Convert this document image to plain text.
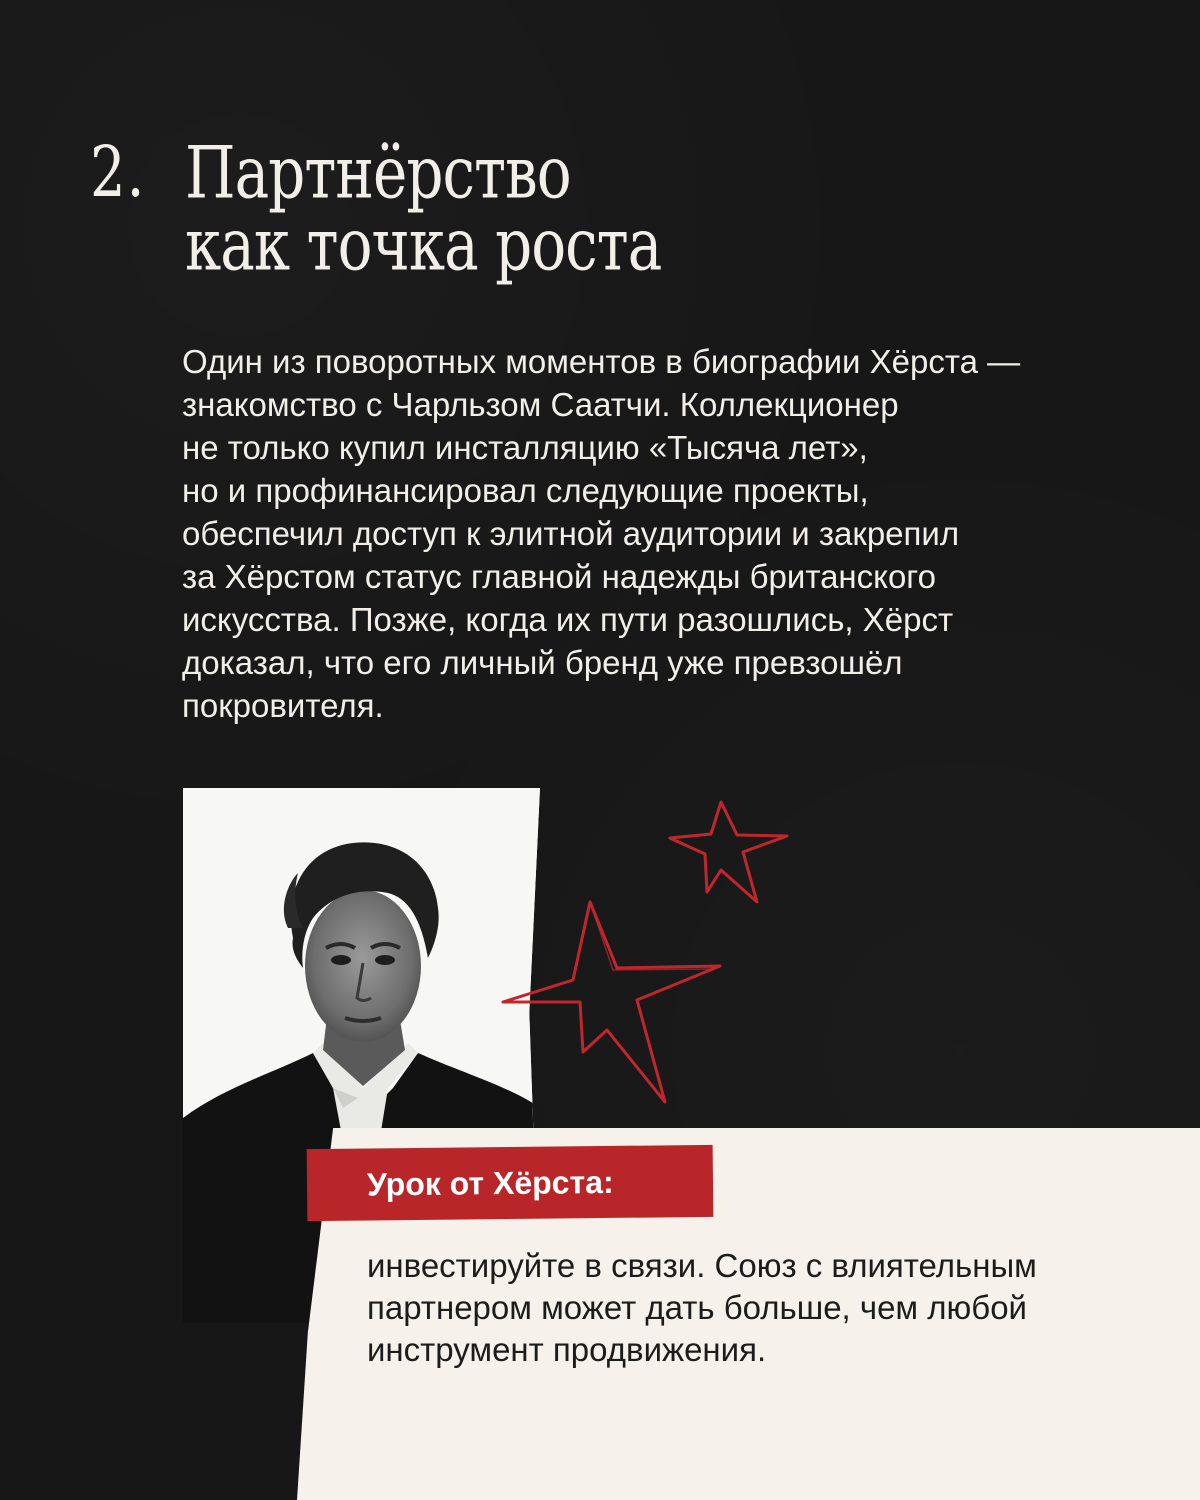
2. Партнёрство
как точка роста
Один из поворотных моментов в биографии Хёрста —
знакомство с Чарльзом Саатчи. Коллекционер
не только купил инсталляцию «Тысяча лет»,
но и профинансировал следующие проекты,
обеспечил доступ к элитной аудитории и закрепил
за Хёрстом статус главной надежды британского
искусства. Позже, когда их пути разошлись, Хёрст
доказал, что его личный бренд уже превзошёл
покровителя.
Урок от Хёрста:
инвестируйте в связи. Союз с влиятельным
партнером может дать больше, чем любой
инструмент продвижения.
